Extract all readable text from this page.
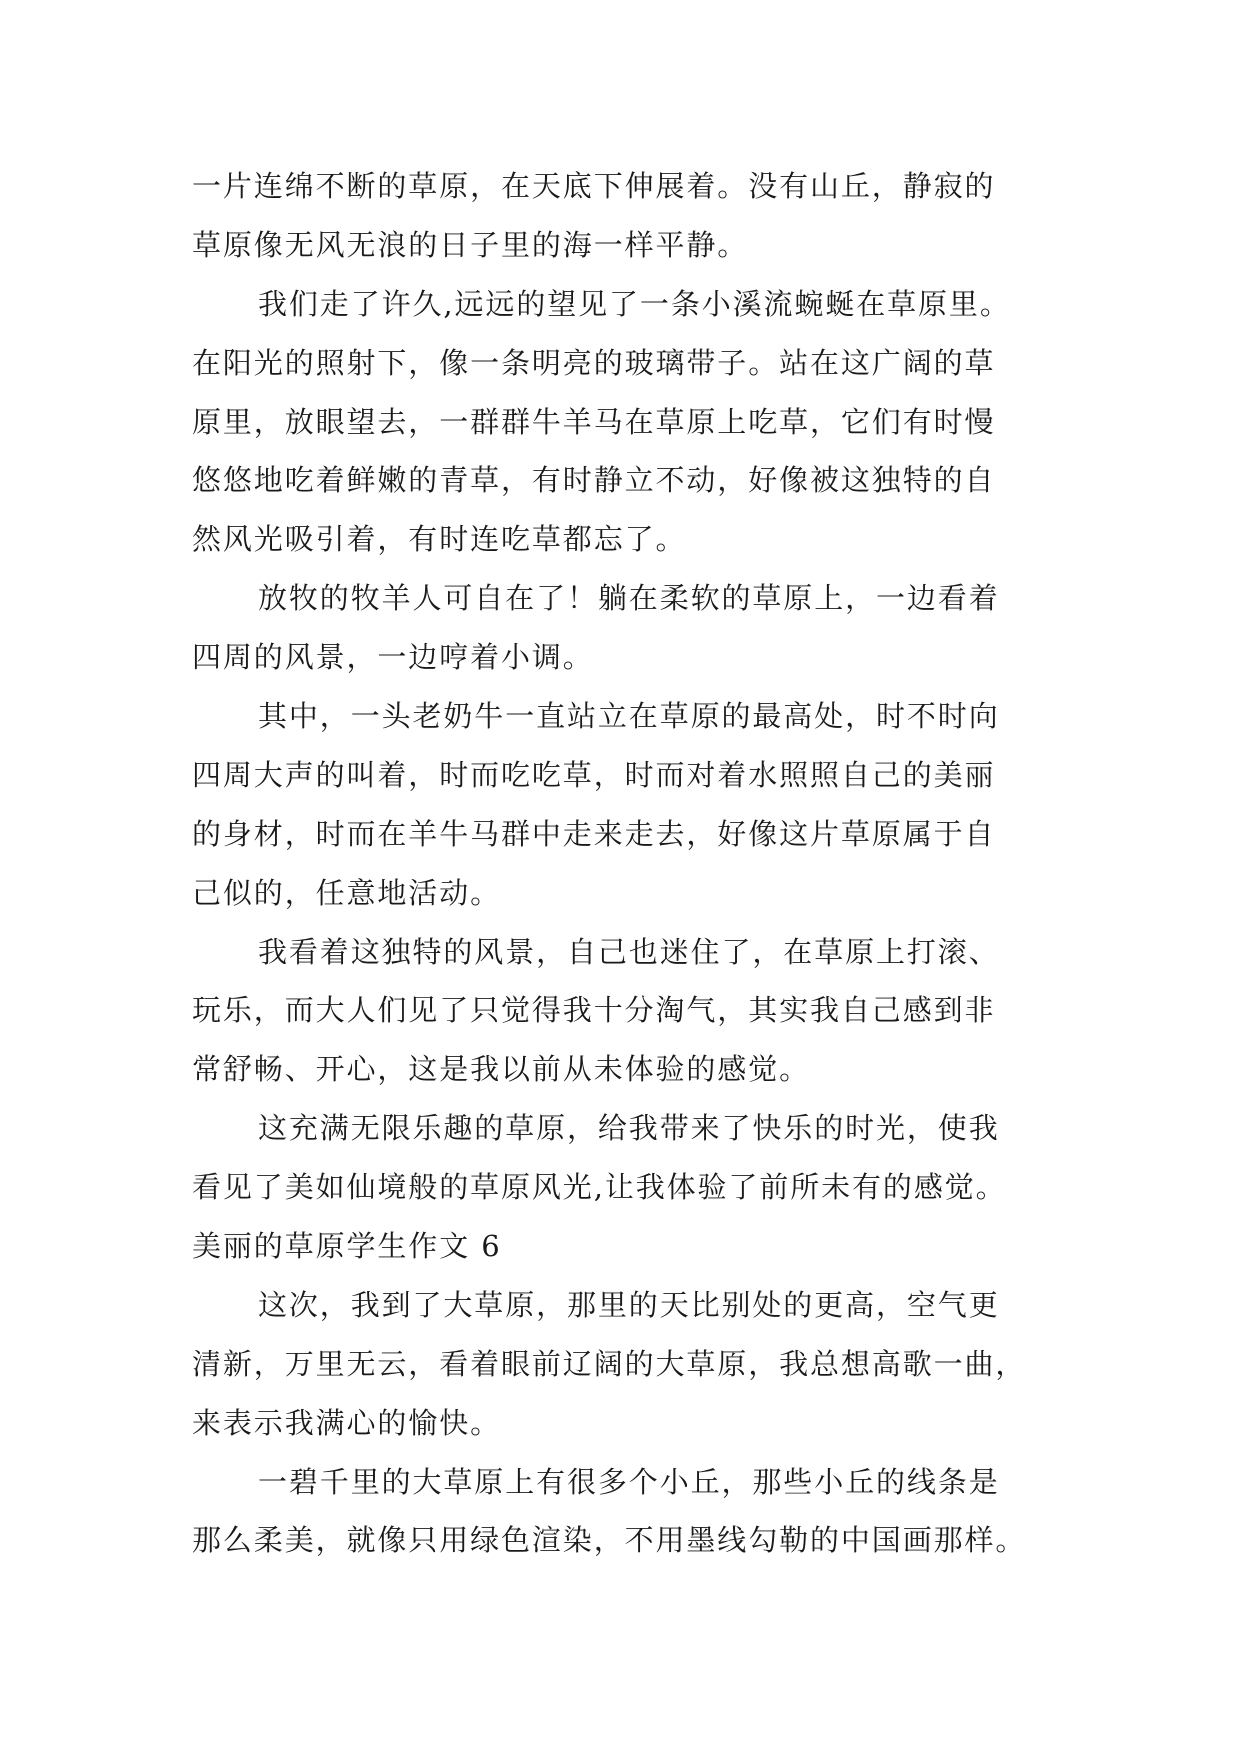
一片连绵不断的草原，在天底下伸展着。没有山丘，静寂的
草原像无风无浪的日子里的海一样平静。
我们走了许久,远远的望见了一条小溪流蜿蜒在草原里。
在阳光的照射下，像一条明亮的玻璃带子。站在这广阔的草
原里，放眼望去，一群群牛羊马在草原上吃草，它们有时慢
悠悠地吃着鲜嫩的青草，有时静立不动，好像被这独特的自
然风光吸引着，有时连吃草都忘了。
放牧的牧羊人可自在了！躺在柔软的草原上，一边看着
四周的风景，一边哼着小调。
其中，一头老奶牛一直站立在草原的最高处，时不时向
四周大声的叫着，时而吃吃草，时而对着水照照自己的美丽
的身材，时而在羊牛马群中走来走去，好像这片草原属于自
己似的，任意地活动。
我看着这独特的风景，自己也迷住了，在草原上打滚、
玩乐，而大人们见了只觉得我十分淘气，其实我自己感到非
常舒畅、开心，这是我以前从未体验的感觉。
这充满无限乐趣的草原，给我带来了快乐的时光，使我
看见了美如仙境般的草原风光,让我体验了前所未有的感觉。
美丽的草原学生作文 6
这次，我到了大草原，那里的天比别处的更高，空气更
清新，万里无云，看着眼前辽阔的大草原，我总想高歌一曲，
来表示我满心的愉快。
一碧千里的大草原上有很多个小丘，那些小丘的线条是
那么柔美，就像只用绿色渲染，不用墨线勾勒的中国画那样。
